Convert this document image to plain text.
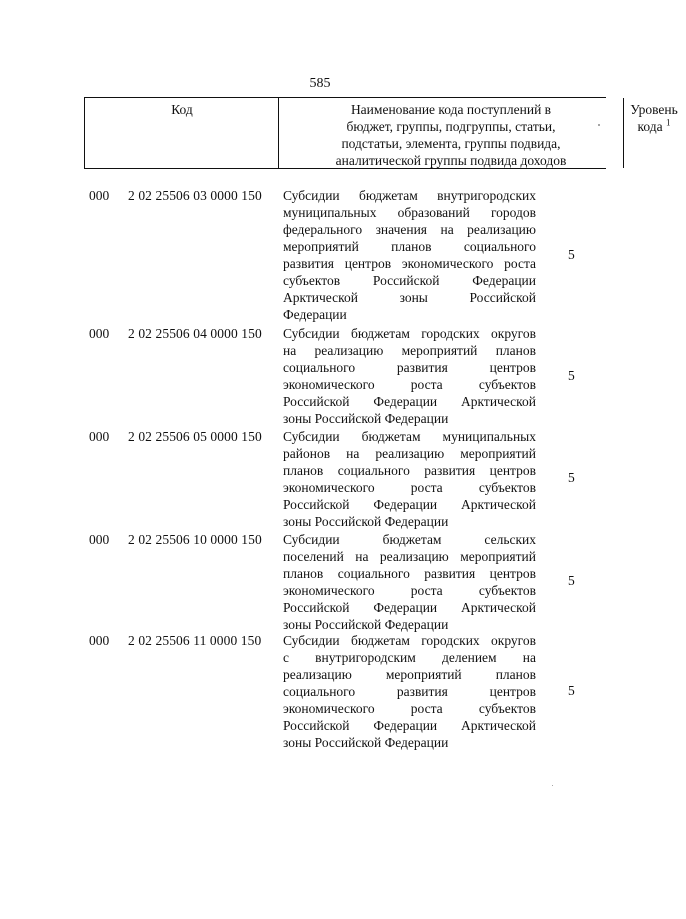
585
Код	Наименование кода поступлений в
бюджет, группы, подгруппы, статьи,
подстатьи, элемента, группы подвида,
аналитической группы подвида доходов
Уровень
кода $^1$
000 2 02 25506 03 0000 150 Субсидии бюджетам внутригородских
муниципальных образований городов
федерального значения на реализацию
мероприятий планов социального
развития центров экономического роста
субъектов Российской Федерации
Арктической зоны Российской
Федерации
5
000 2 02 25506 04 0000 150 Субсидии бюджетам городских округов
на реализацию мероприятий планов
социального развития центров
экономического роста субъектов
Российской Федерации Арктической
зоны Российской Федерации
5
000 2 02 25506 05 0000 150 Субсидии бюджетам муниципальных
районов на реализацию мероприятий
планов социального развития центров
экономического роста субъектов
Российской Федерации Арктической
зоны Российской Федерации
5
000 2 02 25506 10 0000 150 Субсидии бюджетам сельских
поселений на реализацию мероприятий
планов социального развития центров
экономического роста субъектов
Российской Федерации Арктической
зоны Российской Федерации
5
000 2 02 25506 11 0000 150 Субсидии бюджетам городских округов
с внутригородским делением на
реализацию мероприятий планов
социального развития центров
экономического роста субъектов
Российской Федерации Арктической
зоны Российской Федерации
5
